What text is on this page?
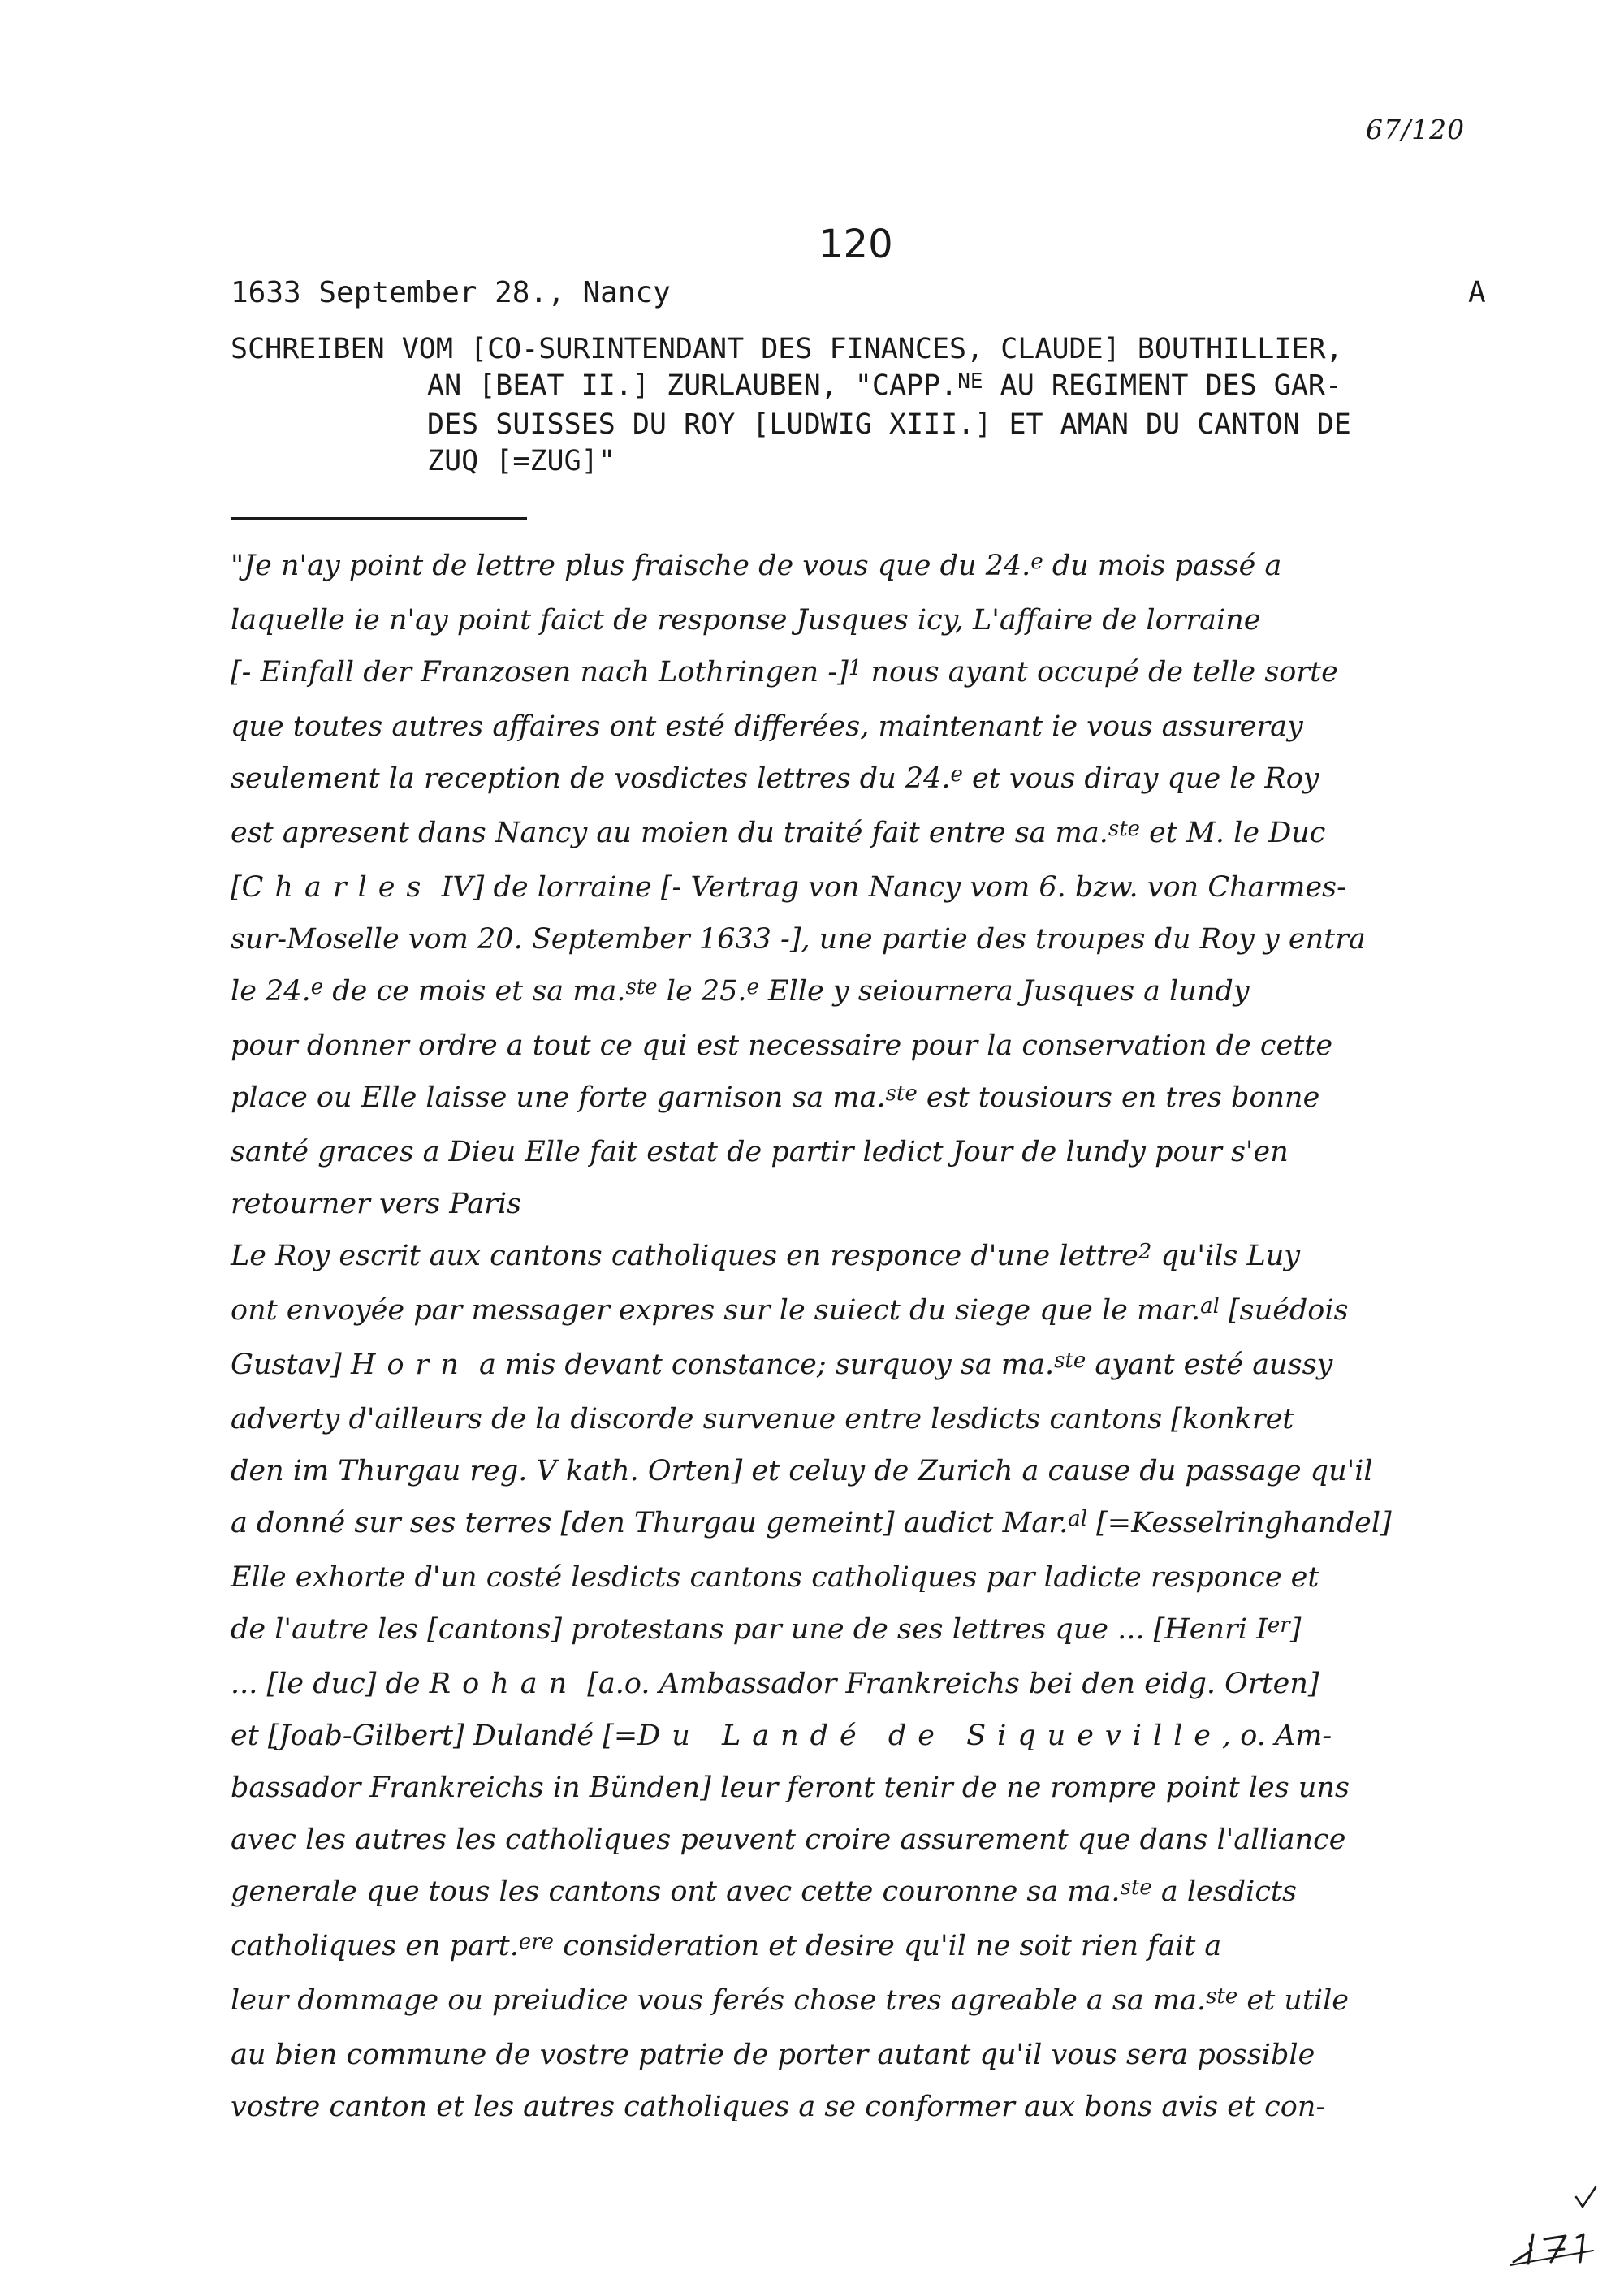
67/120
120
1633 September 28., Nancy	A
SCHREIBEN VOM [CO-SURINTENDANT DES FINANCES, CLAUDE] BOUTHILLIER,
AN [BEAT II.] ZURLAUBEN, "CAPP.$^{NE}$ AU REGIMENT DES GAR-
DES SUISSES DU ROY [LUDWIG XIII.] ET AMAN DU CANTON DE
ZUQ [=ZUG]"
"Je n'ay point de lettre plus fraische de vous que du 24.$^e$ du mois passé a
laquelle ie n'ay point faict de response Jusques icy, L'affaire de lorraine
[- Einfall der Franzosen nach Lothringen -]$^1$ nous ayant occupé de telle sorte
que toutes autres affaires ont esté differées, maintenant ie vous assureray
seulement la reception de vosdictes lettres du 24.$^e$ et vous diray que le Roy
est apresent dans Nancy au moien du traité fait entre sa ma.$^{ste}$ et M. le Duc
[Charles IV] de lorraine [- Vertrag von Nancy vom 6. bzw. von Charmes-
sur-Moselle vom 20. September 1633 -], une partie des troupes du Roy y entra
le 24.$^e$ de ce mois et sa ma.$^{ste}$ le 25.$^e$ Elle y seiournera Jusques a lundy
pour donner ordre a tout ce qui est necessaire pour la conservation de cette
place ou Elle laisse une forte garnison sa ma.$^{ste}$ est tousiours en tres bonne
santé graces a Dieu Elle fait estat de partir ledict Jour de lundy pour s'en
retourner vers Paris
Le Roy escrit aux cantons catholiques en responce d'une lettre$^2$ qu'ils Luy
ont envoyée par messager expres sur le suiect du siege que le mar.$^{al}$ [suédois
Gustav] Horn a mis devant constance; surquoy sa ma.$^{ste}$ ayant esté aussy
adverty d'ailleurs de la discorde survenue entre lesdicts cantons [konkret
den im Thurgau reg. V kath. Orten] et celuy de Zurich a cause du passage qu'il
a donné sur ses terres [den Thurgau gemeint] audict Mar.$^{al}$ [=Kesselringhandel]
Elle exhorte d'un costé lesdicts cantons catholiques par ladicte responce et
de l'autre les [cantons] protestans par une de ses lettres que ... [Henri Ier]
... [le duc] de Rohan [a.o. Ambassador Frankreichs bei den eidg. Orten]
et [Joab-Gilbert] Dulandé [=Du Landé de Siqueville, o. Am-
bassador Frankreichs in Bünden] leur feront tenir de ne rompre point les uns
avec les autres les catholiques peuvent croire assurement que dans l'alliance
generale que tous les cantons ont avec cette couronne sa ma.$^{ste}$ a lesdicts
catholiques en part.$^{ere}$ consideration et desire qu'il ne soit rien fait a
leur dommage ou preiudice vous ferés chose tres agreable a sa ma.$^{ste}$ et utile
au bien commune de vostre patrie de porter autant qu'il vous sera possible
vostre canton et les autres catholiques a se conformer aux bons avis et con-
